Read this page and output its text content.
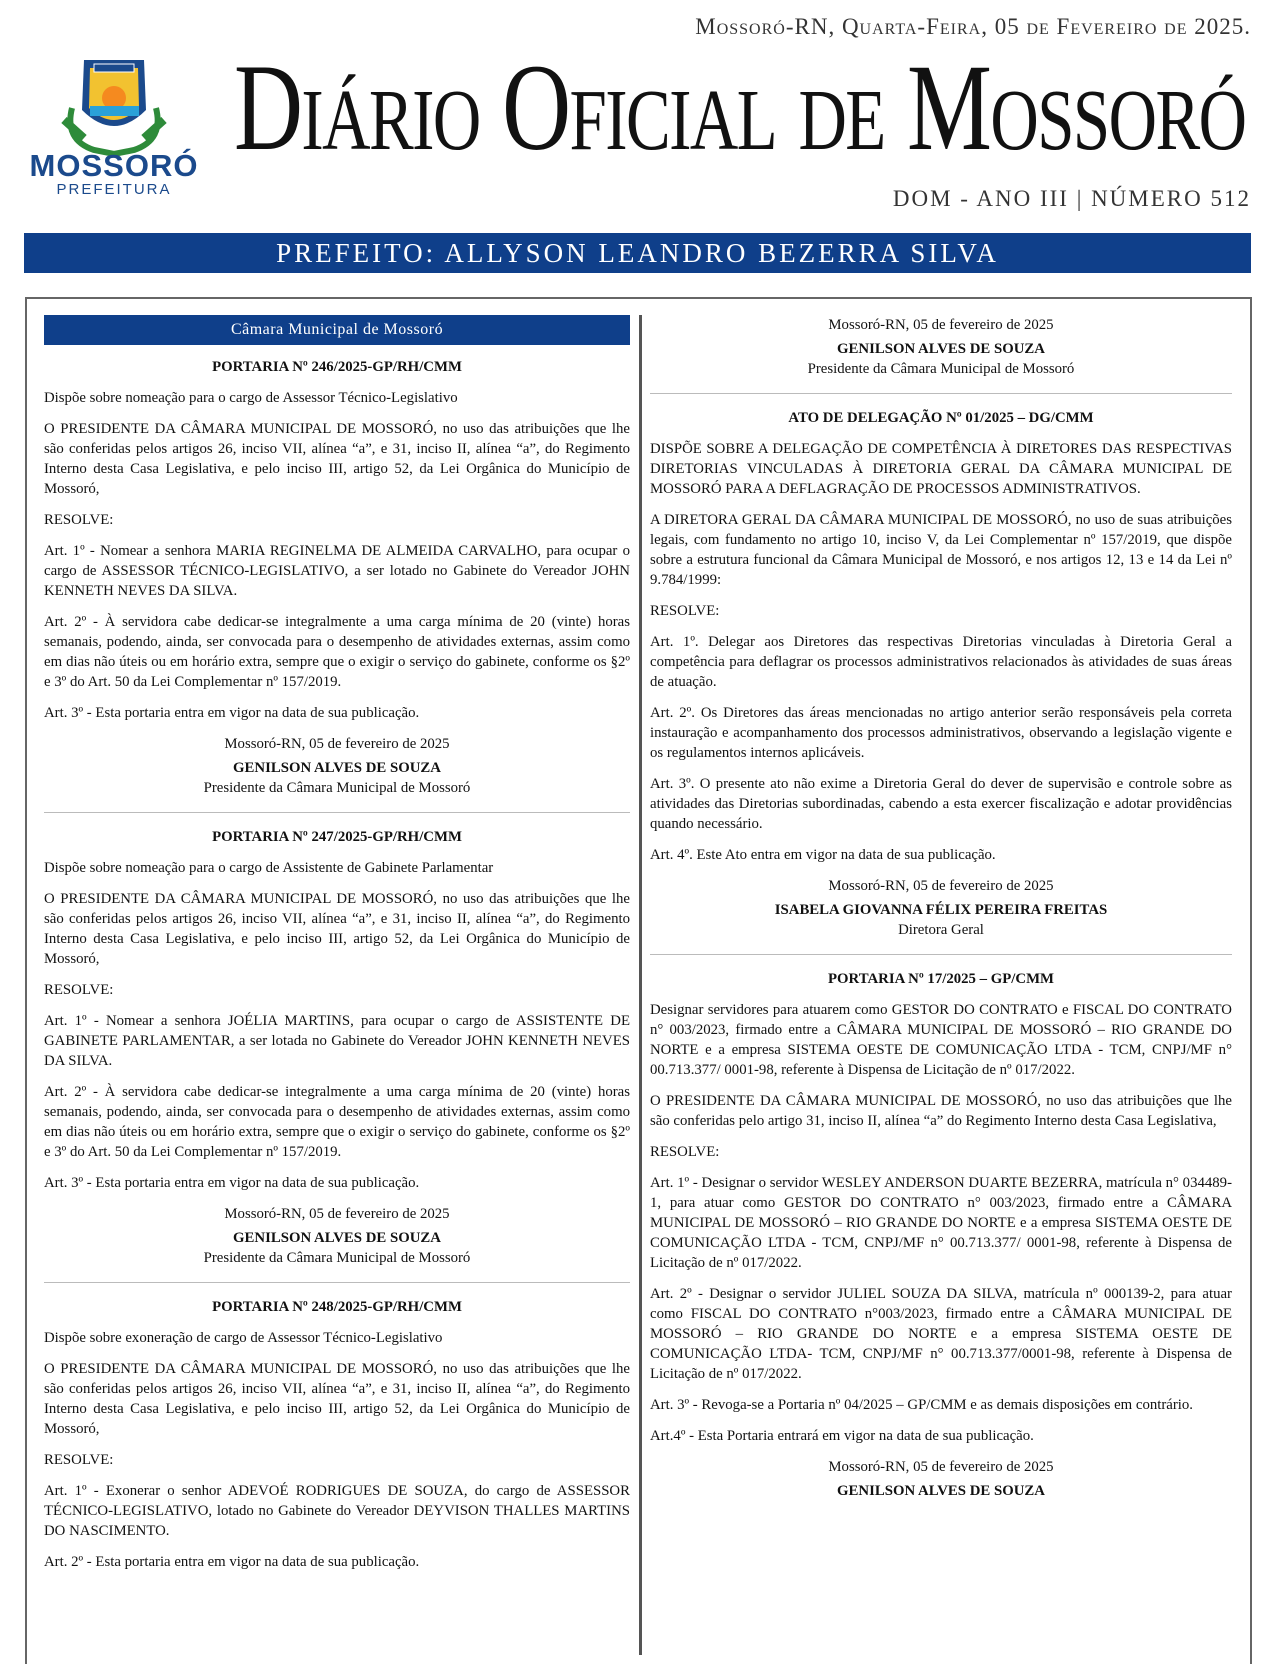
Mossoró-RN, Quarta-Feira, 05 de Fevereiro de 2025.
MOSSORÓ
PREFEITURA
Diário Oficial de Mossoró
DOM - ANO III | NÚMERO 512
PREFEITO: ALLYSON LEANDRO BEZERRA SILVA
Câmara Municipal de Mossoró
PORTARIA Nº 246/2025-GP/RH/CMM

Dispõe sobre nomeação para o cargo de Assessor Técnico-Legislativo

O PRESIDENTE DA CÂMARA MUNICIPAL DE MOSSORÓ, no uso das atribuições que lhe são conferidas pelos artigos 26, inciso VII, alínea “a”, e 31, inciso II, alínea “a”, do Regimento Interno desta Casa Legislativa, e pelo inciso III, artigo 52, da Lei Orgânica do Município de Mossoró,

RESOLVE:

Art. 1º - Nomear a senhora MARIA REGINELMA DE ALMEIDA CARVALHO, para ocupar o cargo de ASSESSOR TÉCNICO-LEGISLATIVO, a ser lotado no Gabinete do Vereador JOHN KENNETH NEVES DA SILVA.

Art. 2º - À servidora cabe dedicar-se integralmente a uma carga mínima de 20 (vinte) horas semanais, podendo, ainda, ser convocada para o desempenho de atividades externas, assim como em dias não úteis ou em horário extra, sempre que o exigir o serviço do gabinete, conforme os §2º e 3º do Art. 50 da Lei Complementar nº 157/2019.

Art. 3º - Esta portaria entra em vigor na data de sua publicação.

Mossoró-RN, 05 de fevereiro de 2025
GENILSON ALVES DE SOUZA
Presidente da Câmara Municipal de Mossoró
PORTARIA Nº 247/2025-GP/RH/CMM

Dispõe sobre nomeação para o cargo de Assistente de Gabinete Parlamentar

O PRESIDENTE DA CÂMARA MUNICIPAL DE MOSSORÓ, no uso das atribuições que lhe são conferidas pelos artigos 26, inciso VII, alínea “a”, e 31, inciso II, alínea “a”, do Regimento Interno desta Casa Legislativa, e pelo inciso III, artigo 52, da Lei Orgânica do Município de Mossoró,

RESOLVE:

Art. 1º - Nomear a senhora JOÉLIA MARTINS, para ocupar o cargo de ASSISTENTE DE GABINETE PARLAMENTAR, a ser lotada no Gabinete do Vereador JOHN KENNETH NEVES DA SILVA.

Art. 2º - À servidora cabe dedicar-se integralmente a uma carga mínima de 20 (vinte) horas semanais, podendo, ainda, ser convocada para o desempenho de atividades externas, assim como em dias não úteis ou em horário extra, sempre que o exigir o serviço do gabinete, conforme os §2º e 3º do Art. 50 da Lei Complementar nº 157/2019.

Art. 3º - Esta portaria entra em vigor na data de sua publicação.

Mossoró-RN, 05 de fevereiro de 2025
GENILSON ALVES DE SOUZA
Presidente da Câmara Municipal de Mossoró
PORTARIA Nº 248/2025-GP/RH/CMM

Dispõe sobre exoneração de cargo de Assessor Técnico-Legislativo

O PRESIDENTE DA CÂMARA MUNICIPAL DE MOSSORÓ, no uso das atribuições que lhe são conferidas pelos artigos 26, inciso VII, alínea “a”, e 31, inciso II, alínea “a”, do Regimento Interno desta Casa Legislativa, e pelo inciso III, artigo 52, da Lei Orgânica do Município de Mossoró,

RESOLVE:

Art. 1º - Exonerar o senhor ADEVOÉ RODRIGUES DE SOUZA, do cargo de ASSESSOR TÉCNICO-LEGISLATIVO, lotado no Gabinete do Vereador DEYVISON THALLES MARTINS DO NASCIMENTO.

Art. 2º - Esta portaria entra em vigor na data de sua publicação.

Mossoró-RN, 05 de fevereiro de 2025
GENILSON ALVES DE SOUZA
Presidente da Câmara Municipal de Mossoró
ATO DE DELEGAÇÃO Nº 01/2025 – DG/CMM

DISPÕE SOBRE A DELEGAÇÃO DE COMPETÊNCIA À DIRETORES DAS RESPECTIVAS DIRETORIAS VINCULADAS À DIRETORIA GERAL DA CÂMARA MUNICIPAL DE MOSSORÓ PARA A DEFLAGRAÇÃO DE PROCESSOS ADMINISTRATIVOS.

A DIRETORA GERAL DA CÂMARA MUNICIPAL DE MOSSORÓ, no uso de suas atribuições legais, com fundamento no artigo 10, inciso V, da Lei Complementar nº 157/2019, que dispõe sobre a estrutura funcional da Câmara Municipal de Mossoró, e nos artigos 12, 13 e 14 da Lei nº 9.784/1999:

RESOLVE:

Art. 1º. Delegar aos Diretores das respectivas Diretorias vinculadas à Diretoria Geral a competência para deflagrar os processos administrativos relacionados às atividades de suas áreas de atuação.

Art. 2º. Os Diretores das áreas mencionadas no artigo anterior serão responsáveis pela correta instauração e acompanhamento dos processos administrativos, observando a legislação vigente e os regulamentos internos aplicáveis.

Art. 3º. O presente ato não exime a Diretoria Geral do dever de supervisão e controle sobre as atividades das Diretorias subordinadas, cabendo a esta exercer fiscalização e adotar providências quando necessário.

Art. 4º. Este Ato entra em vigor na data de sua publicação.

Mossoró-RN, 05 de fevereiro de 2025
ISABELA GIOVANNA FÉLIX PEREIRA FREITAS
Diretora Geral
PORTARIA Nº 17/2025 – GP/CMM

Designar servidores para atuarem como GESTOR DO CONTRATO e FISCAL DO CONTRATO n° 003/2023, firmado entre a CÂMARA MUNICIPAL DE MOSSORÓ – RIO GRANDE DO NORTE e a empresa SISTEMA OESTE DE COMUNICAÇÃO LTDA - TCM, CNPJ/MF n° 00.713.377/ 0001-98, referente à Dispensa de Licitação de nº 017/2022.

O PRESIDENTE DA CÂMARA MUNICIPAL DE MOSSORÓ, no uso das atribuições que lhe são conferidas pelo artigo 31, inciso II, alínea “a” do Regimento Interno desta Casa Legislativa,

RESOLVE:

Art. 1º - Designar o servidor WESLEY ANDERSON DUARTE BEZERRA, matrícula n° 034489-1, para atuar como GESTOR DO CONTRATO n° 003/2023, firmado entre a CÂMARA MUNICIPAL DE MOSSORÓ – RIO GRANDE DO NORTE e a empresa SISTEMA OESTE DE COMUNICAÇÃO LTDA - TCM, CNPJ/MF n° 00.713.377/ 0001-98, referente à Dispensa de Licitação de nº 017/2022.

Art. 2º - Designar o servidor JULIEL SOUZA DA SILVA, matrícula nº 000139-2, para atuar como FISCAL DO CONTRATO n°003/2023, firmado entre a CÂMARA MUNICIPAL DE MOSSORÓ – RIO GRANDE DO NORTE e a empresa SISTEMA OESTE DE COMUNICAÇÃO LTDA- TCM, CNPJ/MF n° 00.713.377/0001-98, referente à Dispensa de Licitação de nº 017/2022.

Art. 3º - Revoga-se a Portaria nº 04/2025 – GP/CMM e as demais disposições em contrário.

Art.4º - Esta Portaria entrará em vigor na data de sua publicação.

Mossoró-RN, 05 de fevereiro de 2025
GENILSON ALVES DE SOUZA
